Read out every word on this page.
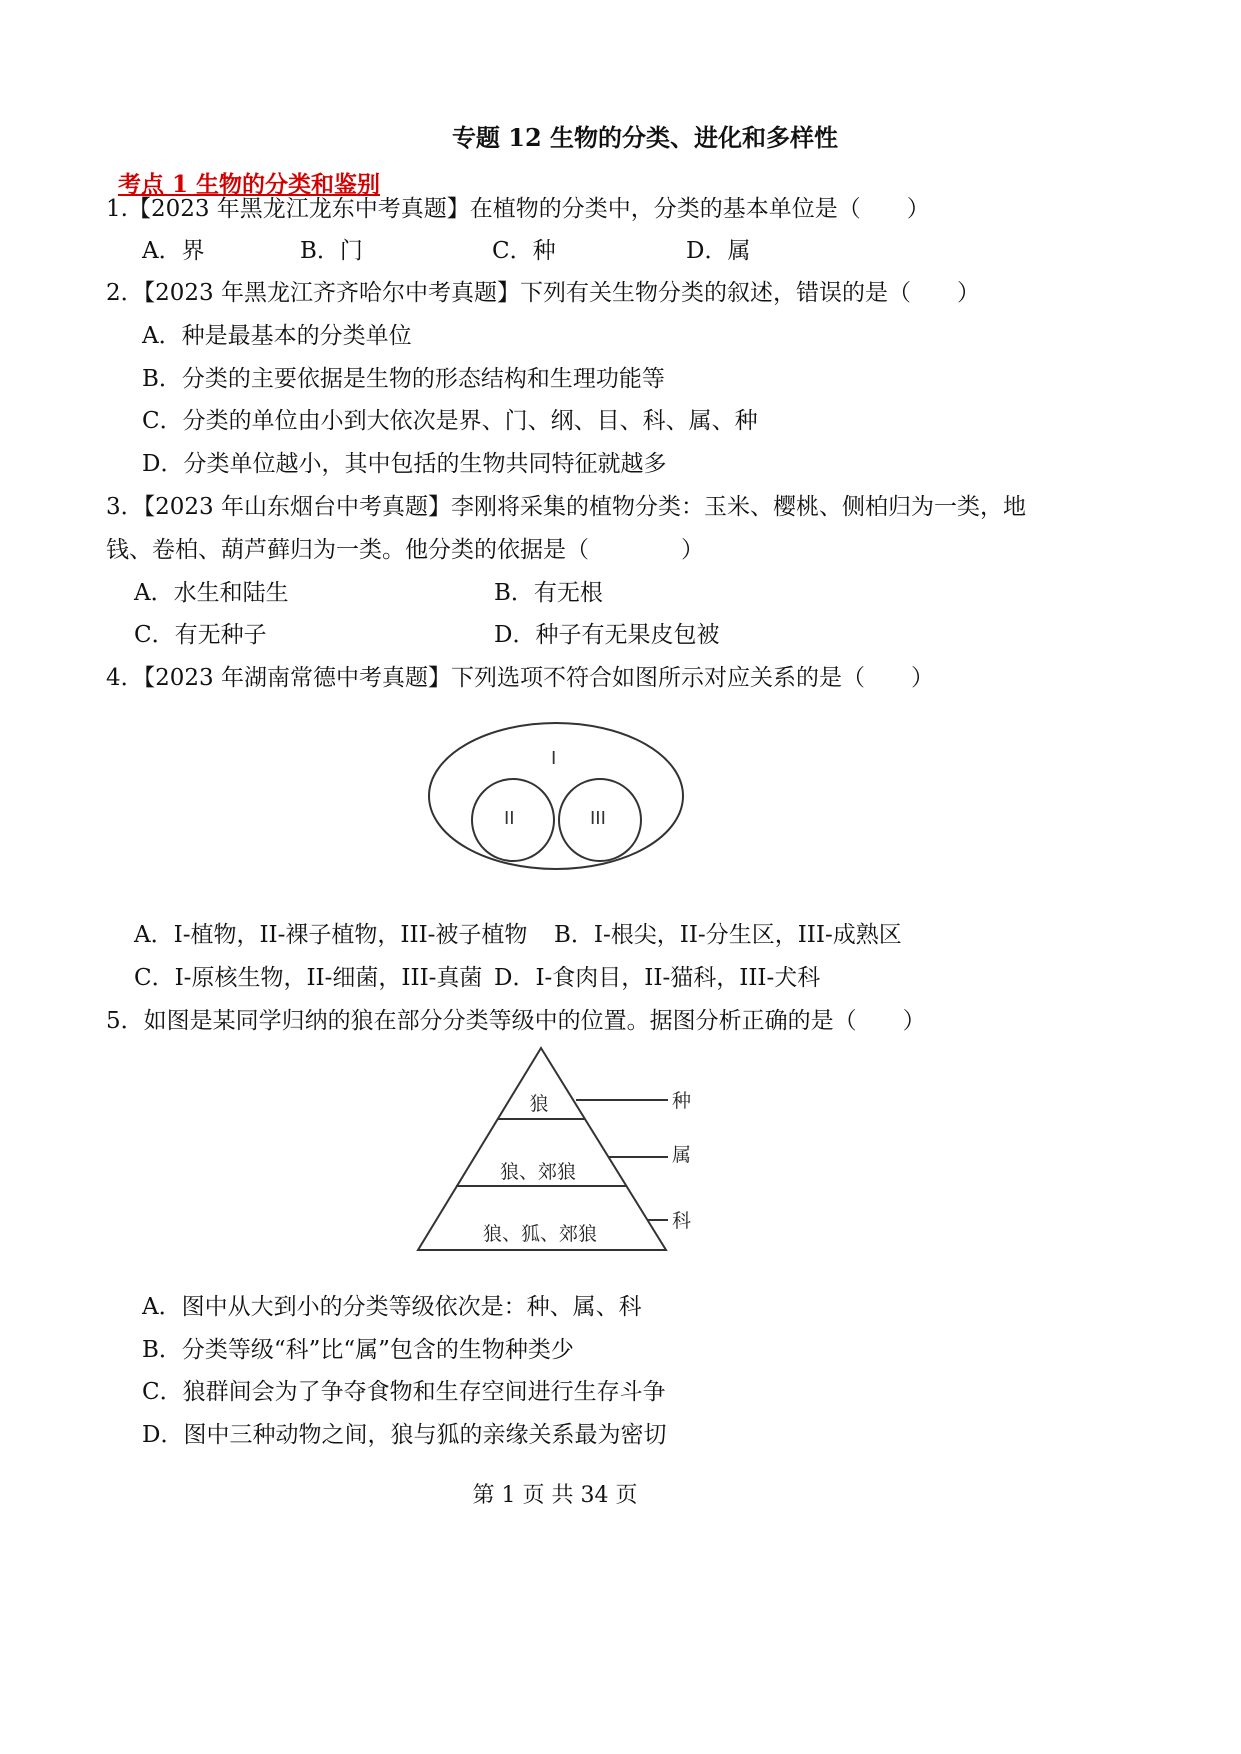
专题 12 生物的分类、进化和多样性
考点 1 生物的分类和鉴别
1.【2023 年黑龙江龙东中考真题】在植物的分类中，分类的基本单位是（　　）
A．界	B．门	C．种	D．属
2．【2023 年黑龙江齐齐哈尔中考真题】下列有关生物分类的叙述，错误的是（　　）
A．种是最基本的分类单位
B．分类的主要依据是生物的形态结构和生理功能等
C．分类的单位由小到大依次是界、门、纲、目、科、属、种
D．分类单位越小，其中包括的生物共同特征就越多
3．【2023 年山东烟台中考真题】李刚将采集的植物分类：玉米、樱桃、侧柏归为一类，地
钱、卷柏、葫芦藓归为一类。他分类的依据是（　　　　）
A．水生和陆生	B．有无根
C．有无种子	D．种子有无果皮包被
4．【2023 年湖南常德中考真题】下列选项不符合如图所示对应关系的是（　　）
I
II	III
A．I-植物，II-裸子植物，III-被子植物 B．I-根尖，II-分生区，III-成熟区
C．I-原核生物，II-细菌，III-真菌 D．I-食肉目，II-猫科，III-犬科
5．如图是某同学归纳的狼在部分分类等级中的位置。据图分析正确的是（　　）
狼
狼、郊狼
狼、狐、郊狼
种
属
科
A．图中从大到小的分类等级依次是：种、属、科
B．分类等级“科”比“属”包含的生物种类少
C．狼群间会为了争夺食物和生存空间进行生存斗争
D．图中三种动物之间，狼与狐的亲缘关系最为密切
第 1 页 共 34 页
